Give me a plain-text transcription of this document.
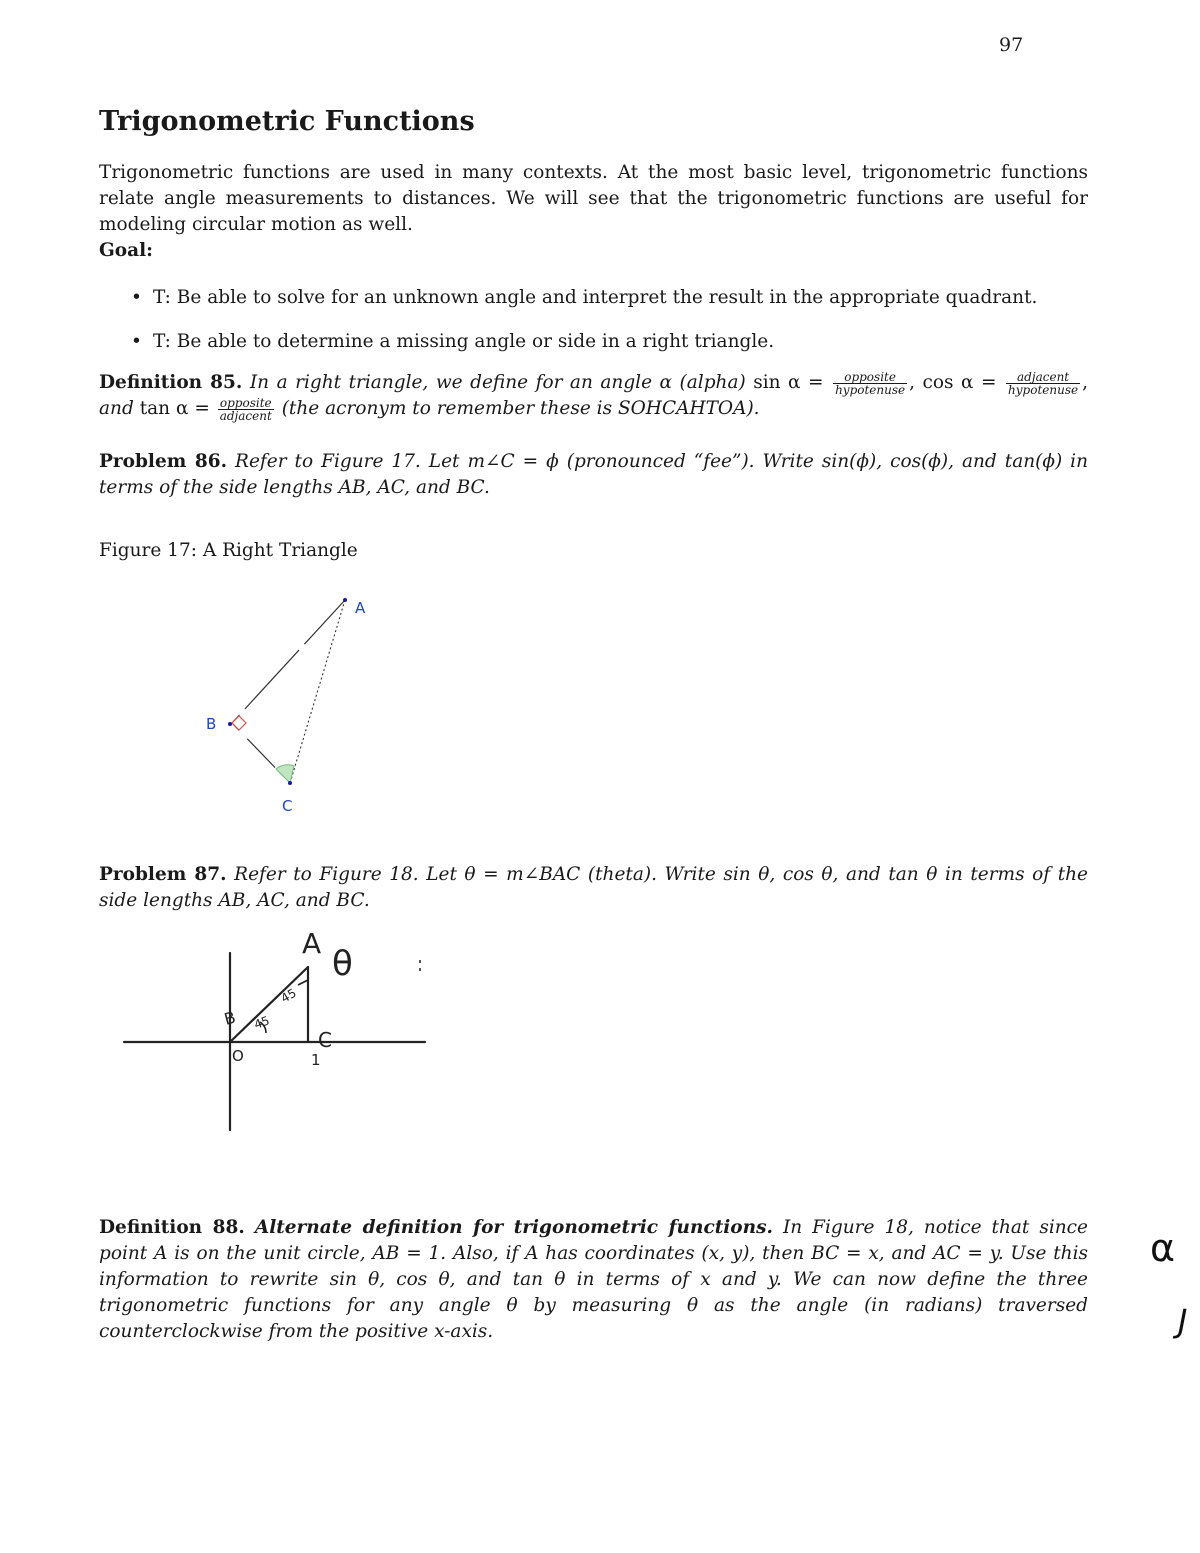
97
Trigonometric Functions
Trigonometric functions are used in many contexts. At the most basic level, trigonometric functions relate angle measurements to distances. We will see that the trigonometric functions are useful for modeling circular motion as well.
Goal:
• T: Be able to solve for an unknown angle and interpret the result in the appropriate quadrant.
• T: Be able to determine a missing angle or side in a right triangle.
Definition 85. In a right triangle, we define for an angle α (alpha) $\sin \alpha = \frac{\text{opposite}}{\text{hypotenuse}}$ , $\cos \alpha = \frac{\text{adjacent}}{\text{hypotenuse}}$ , and $\tan \alpha = \frac{\text{opposite}}{\text{adjacent}} (the$ acronym to remember these is SOHCAHTOA).
Problem 86. Refer to Figure 17. Let m∠C = ϕ (pronounced “fee”). Write sin(ϕ), cos(ϕ), and tan(ϕ) in terms of the side lengths AB, AC, and BC.
Figure 17: A Right Triangle
A
B
C
Problem 87. Refer to Figure 18. Let θ = m∠BAC (theta). Write sin θ, cos θ, and tan θ in terms of the side lengths AB, AC, and BC.
A
θ
O
C
1
45
45
B
Definition 88. Alternate definition for trigonometric functions. In Figure 18, notice that since point A is on the unit circle, AB = 1. Also, if A has coordinates (x, y), then BC = x, and AC = y. Use this information to rewrite sin θ, cos θ, and tan θ in terms of x and y. We can now define the three trigonometric functions for any angle θ by measuring θ as the angle (in radians) traversed counterclockwise from the positive x-axis.
α
J
